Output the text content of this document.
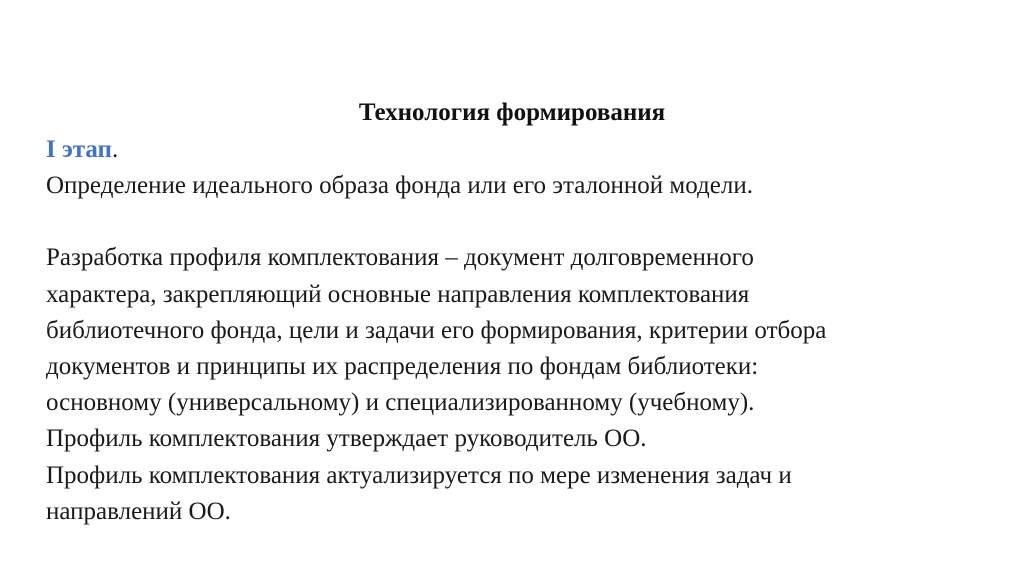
Технология формирования
I этап.
Определение идеального образа фонда или его эталонной модели.
Разработка профиля комплектования – документ долговременного
характера, закрепляющий основные направления комплектования
библиотечного фонда, цели и задачи его формирования, критерии отбора
документов и принципы их распределения по фондам библиотеки:
основному (универсальному) и специализированному (учебному).
Профиль комплектования утверждает руководитель ОО.
Профиль комплектования актуализируется по мере изменения задач и
направлений ОО.
